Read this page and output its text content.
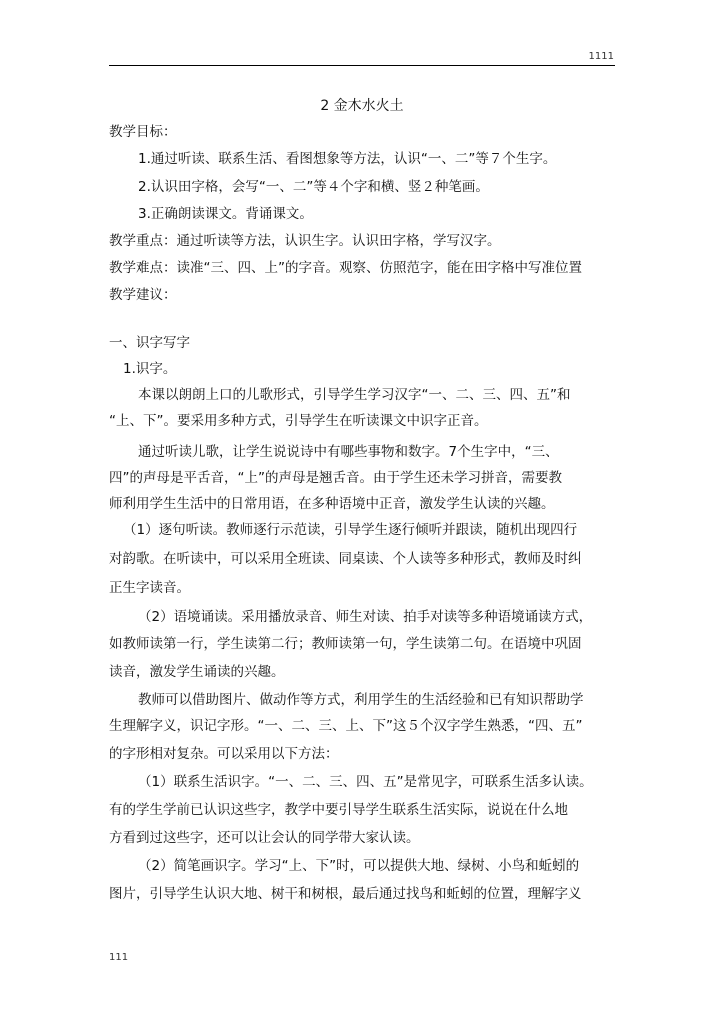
1111
2 金木水火土
教学目标：
1.通过听读、联系生活、看图想象等方法，认识“一、二”等７个生字。
2.认识田字格，会写“一、二”等４个字和横、竖２种笔画。
3.正确朗读课文。背诵课文。
教学重点：通过听读等方法，认识生字。认识田字格，学写汉字。
教学难点：读准“三、四、上”的字音。观察、仿照范字，能在田字格中写准位置
教学建议：
一、识字写字
1.识字。
本课以朗朗上口的儿歌形式，引导学生学习汉字“一、二、三、四、五”和
“上、下”。要采用多种方式，引导学生在听读课文中识字正音。
通过听读儿歌，让学生说说诗中有哪些事物和数字。7个生字中，“三、
四”的声母是平舌音，“上”的声母是翘舌音。由于学生还未学习拼音，需要教
师利用学生生活中的日常用语，在多种语境中正音，激发学生认读的兴趣。
（1）逐句听读。教师逐行示范读，引导学生逐行倾听并跟读，随机出现四行
对韵歌。在听读中，可以采用全班读、同桌读、个人读等多种形式，教师及时纠
正生字读音。
（2）语境诵读。采用播放录音、师生对读、拍手对读等多种语境诵读方式，
如教师读第一行，学生读第二行；教师读第一句，学生读第二句。在语境中巩固
读音，激发学生诵读的兴趣。
教师可以借助图片、做动作等方式，利用学生的生活经验和已有知识帮助学
生理解字义，识记字形。“一、二、三、上、下”这５个汉字学生熟悉，“四、五”
的字形相对复杂。可以采用以下方法：
（1）联系生活识字。“一、二、三、四、五”是常见字，可联系生活多认读。
有的学生学前已认识这些字，教学中要引导学生联系生活实际，说说在什么地
方看到过这些字，还可以让会认的同学带大家认读。
（2）简笔画识字。学习“上、下”时，可以提供大地、绿树、小鸟和蚯蚓的
图片，引导学生认识大地、树干和树根，最后通过找鸟和蚯蚓的位置，理解字义
111
